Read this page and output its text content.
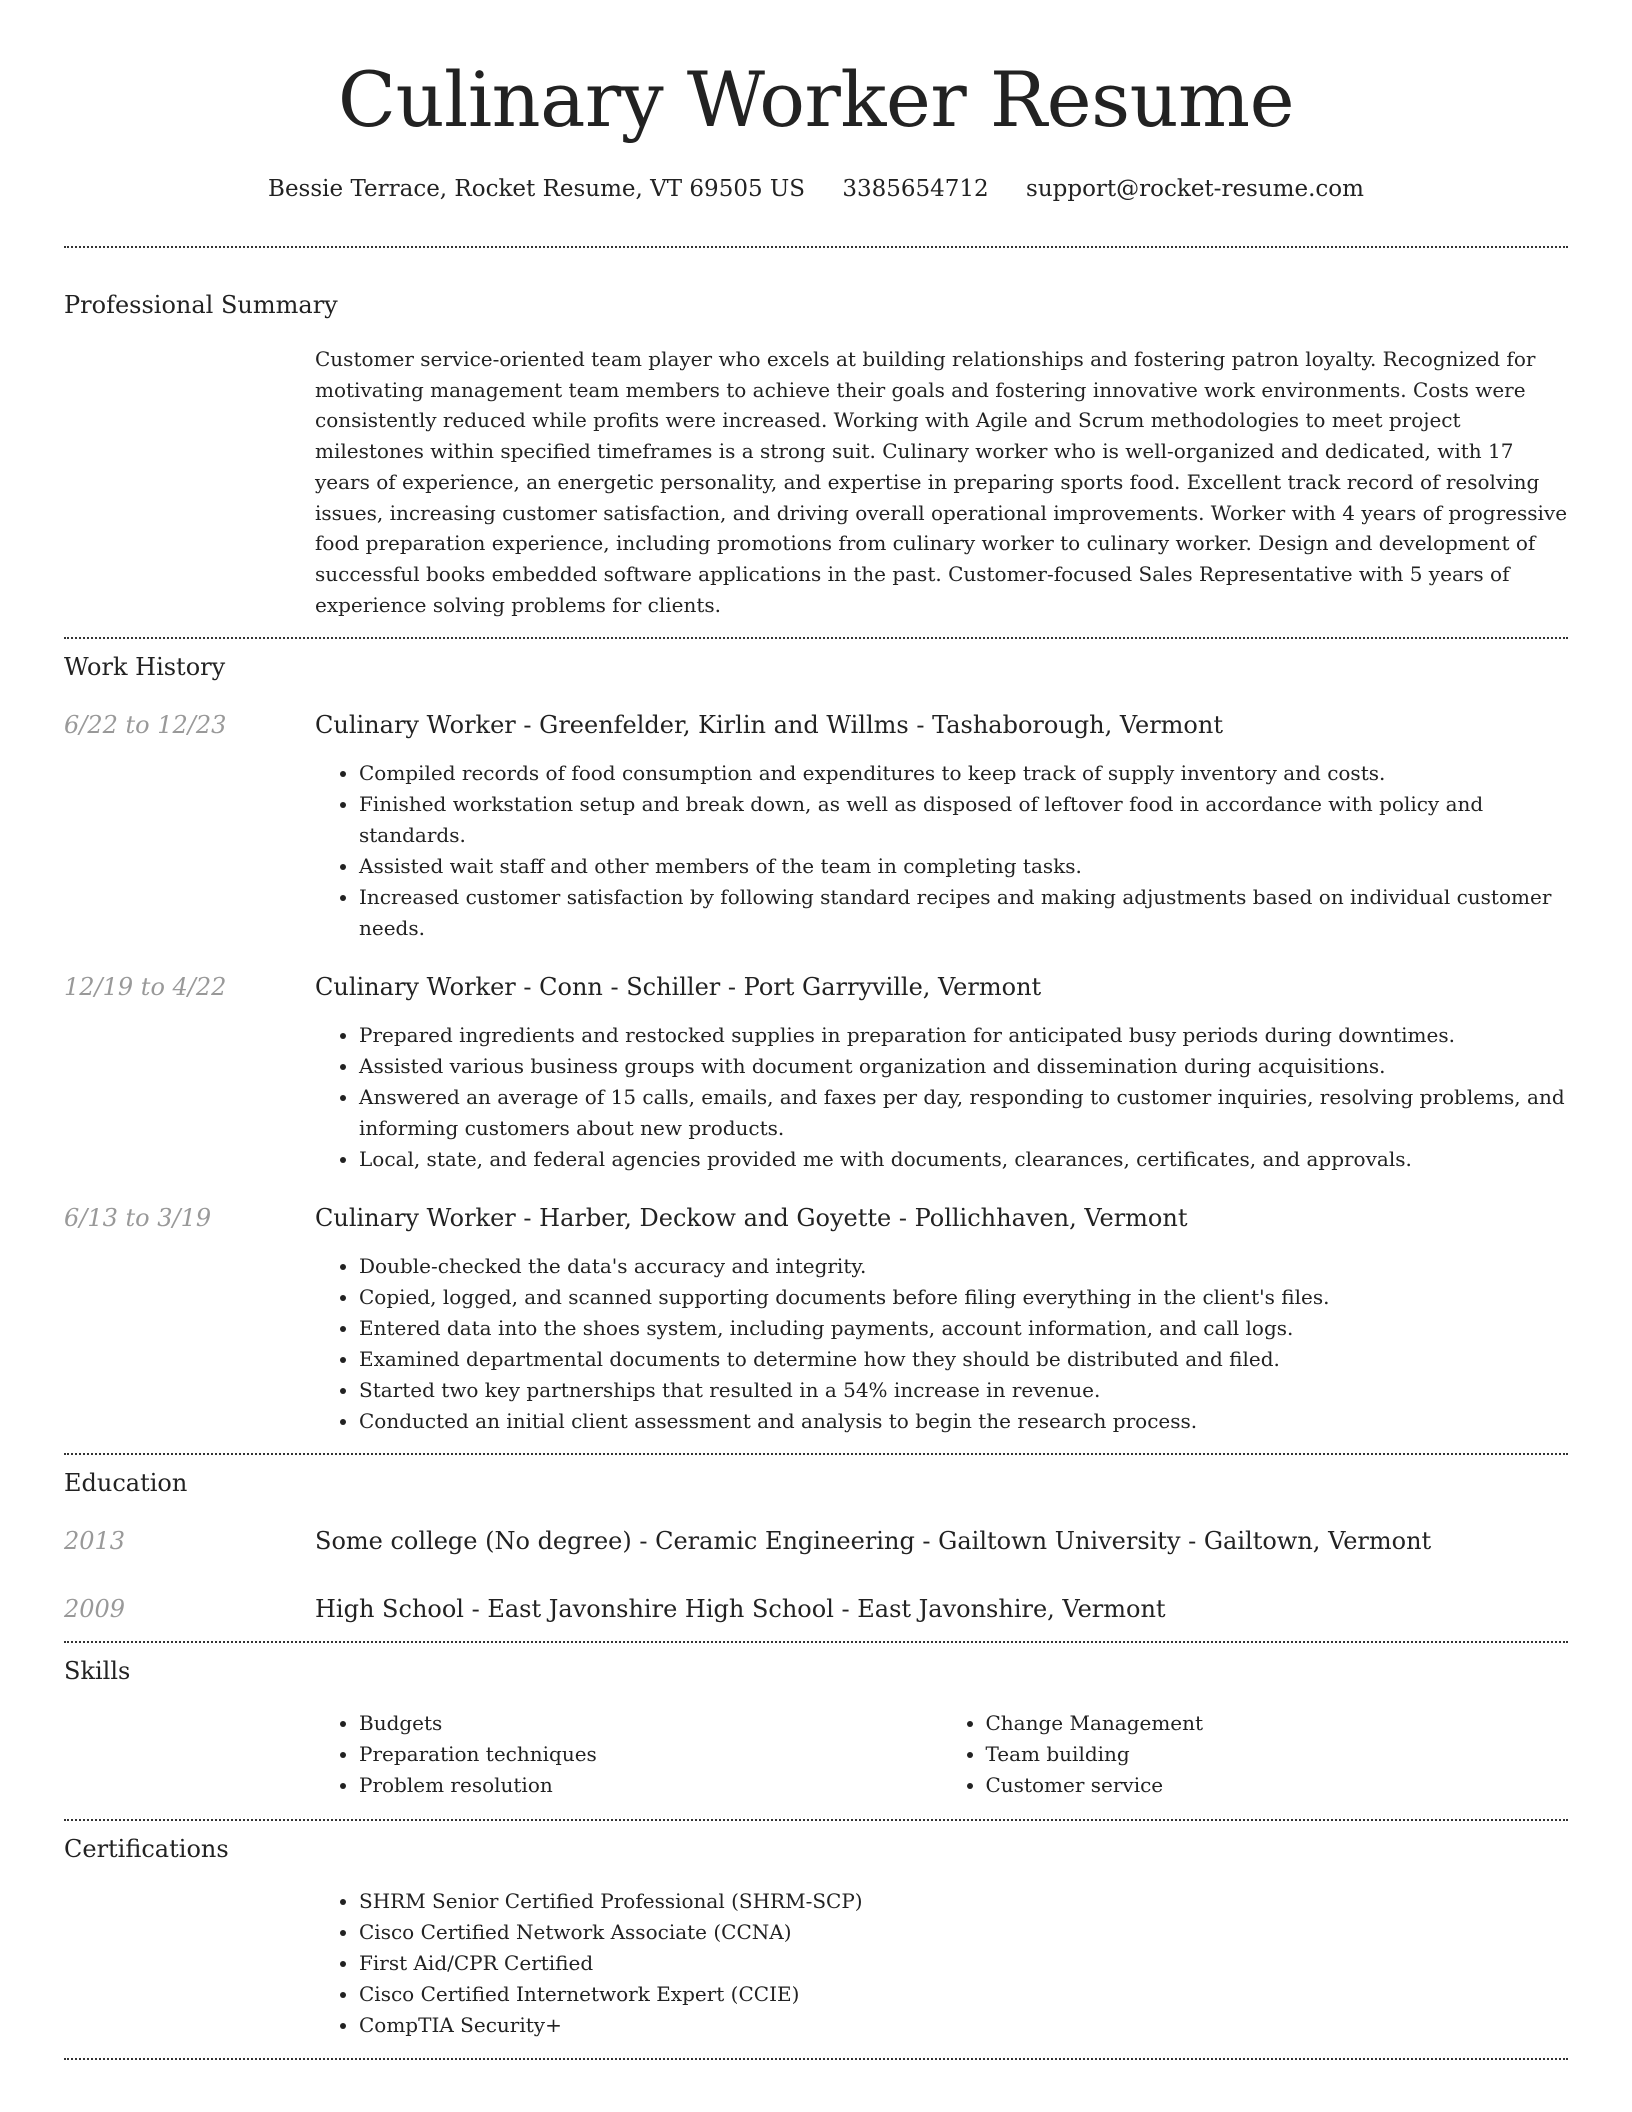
Culinary Worker Resume
Bessie Terrace, Rocket Resume, VT 69505 US 3385654712 support@rocket-resume.com
Professional Summary

Customer service-oriented team player who excels at building relationships and fostering patron loyalty. Recognized for motivating management team members to achieve their goals and fostering innovative work environments. Costs were consistently reduced while profits were increased. Working with Agile and Scrum methodologies to meet project milestones within specified timeframes is a strong suit. Culinary worker who is well-organized and dedicated, with 17 years of experience, an energetic personality, and expertise in preparing sports food. Excellent track record of resolving issues, increasing customer satisfaction, and driving overall operational improvements. Worker with 4 years of progressive food preparation experience, including promotions from culinary worker to culinary worker. Design and development of successful books embedded software applications in the past. Customer-focused Sales Representative with 5 years of experience solving problems for clients.

Work History
6/22 to 12/23	Culinary Worker - Greenfelder, Kirlin and Willms - Tashaborough, Vermont
• Compiled records of food consumption and expenditures to keep track of supply inventory and costs.
• Finished workstation setup and break down, as well as disposed of leftover food in accordance with policy and standards.
• Assisted wait staff and other members of the team in completing tasks.
• Increased customer satisfaction by following standard recipes and making adjustments based on individual customer needs.
12/19 to 4/22	Culinary Worker - Conn - Schiller - Port Garryville, Vermont
• Prepared ingredients and restocked supplies in preparation for anticipated busy periods during downtimes.
• Assisted various business groups with document organization and dissemination during acquisitions.
• Answered an average of 15 calls, emails, and faxes per day, responding to customer inquiries, resolving problems, and informing customers about new products.
• Local, state, and federal agencies provided me with documents, clearances, certificates, and approvals.
6/13 to 3/19	Culinary Worker - Harber, Deckow and Goyette - Pollichhaven, Vermont
• Double-checked the data's accuracy and integrity.
• Copied, logged, and scanned supporting documents before filing everything in the client's files.
• Entered data into the shoes system, including payments, account information, and call logs.
• Examined departmental documents to determine how they should be distributed and filed.
• Started two key partnerships that resulted in a 54% increase in revenue.
• Conducted an initial client assessment and analysis to begin the research process.
Education
2013	Some college (No degree) - Ceramic Engineering - Gailtown University - Gailtown, Vermont
2009	High School - East Javonshire High School - East Javonshire, Vermont
Skills
• Budgets
• Preparation techniques
• Problem resolution
• Change Management
• Team building
• Customer service
Certifications
• SHRM Senior Certified Professional (SHRM-SCP)
• Cisco Certified Network Associate (CCNA)
• First Aid/CPR Certified
• Cisco Certified Internetwork Expert (CCIE)
• CompTIA Security+
